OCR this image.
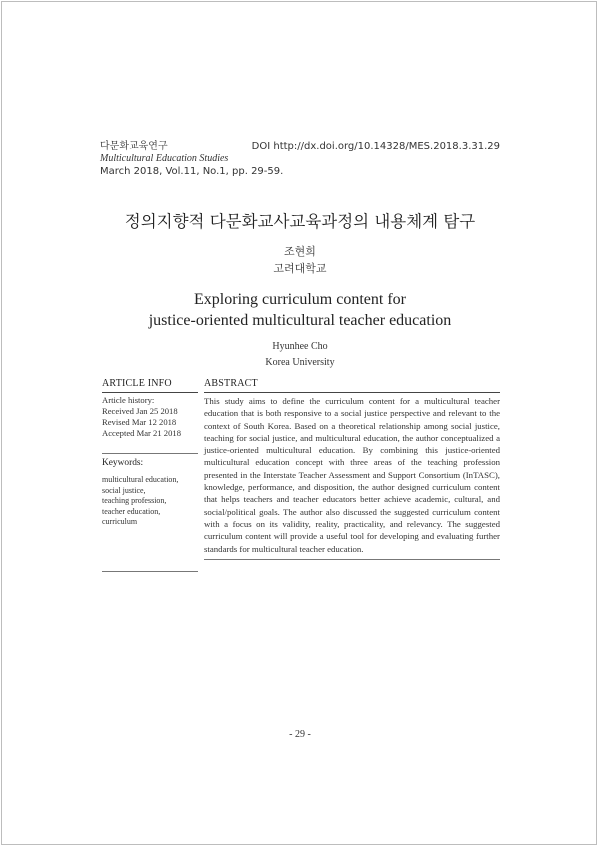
다문화교육연구
Multicultural Education Studies
March 2018, Vol.11, No.1, pp. 29-59.
DOI http://dx.doi.org/10.14328/MES.2018.3.31.29
정의지향적 다문화교사교육과정의 내용체계 탐구
조현희
고려대학교
Exploring curriculum content for
justice-oriented multicultural teacher education
Hyunhee Cho
Korea University
ARTICLE INFO
Article history:
Received Jan 25 2018
Revised Mar 12 2018
Accepted Mar 21 2018
Keywords:
multicultural education,
social justice,
teaching profession,
teacher education,
curriculum
ABSTRACT
This study aims to define the curriculum content for a multicultural teacher education that is both responsive to a social justice perspective and relevant to the context of South Korea. Based on a theoretical relationship among social justice, teaching for social justice, and multicultural education, the author conceptualized a justice-oriented multicultural education. By combining this justice-oriented multicultural education concept with three areas of the teaching profession presented in the Interstate Teacher Assessment and Support Consortium (InTASC), knowledge, performance, and disposition, the author designed curriculum content that helps teachers and teacher educators better achieve academic, cultural, and social/political goals. The author also discussed the suggested curriculum content with a focus on its validity, reality, practicality, and relevancy. The suggested curriculum content will provide a useful tool for developing and evaluating further standards for multicultural teacher education.
- 29 -
